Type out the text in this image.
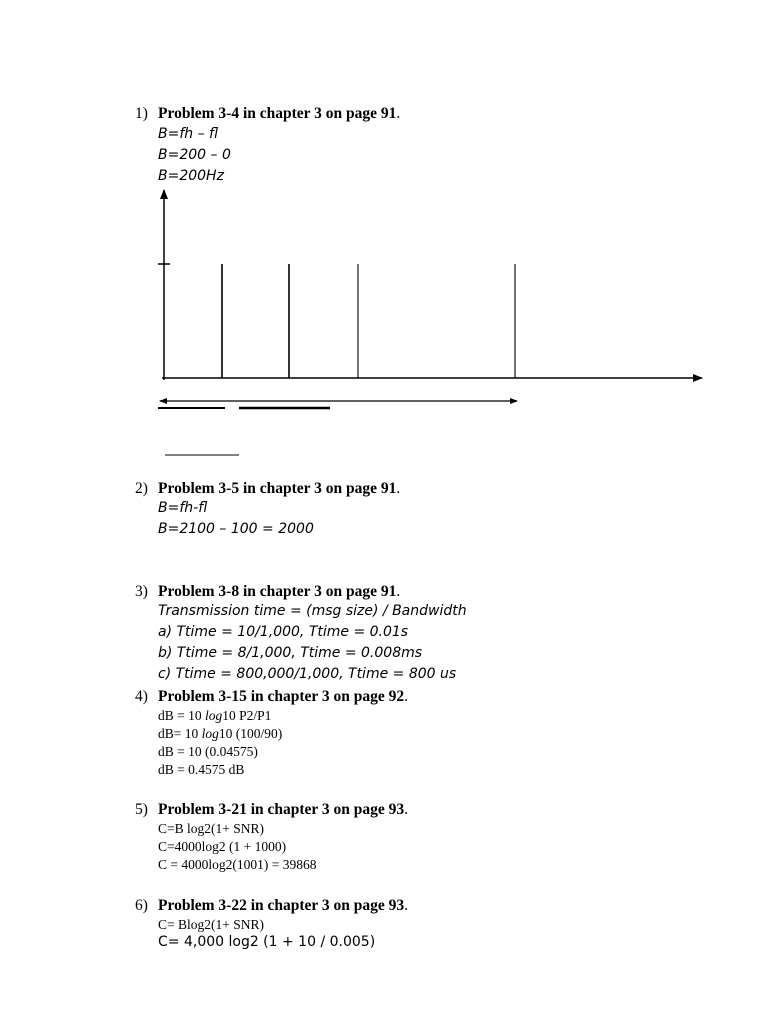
1) Problem 3-4 in chapter 3 on page 91.
B=fh – fl
B=200 – 0
B=200Hz
2) Problem 3-5 in chapter 3 on page 91.
B=fh-fl
B=2100 – 100 = 2000
3) Problem 3-8 in chapter 3 on page 91.
Transmission time = (msg size) / Bandwidth
a) Ttime = 10/1,000, Ttime = 0.01s
b) Ttime = 8/1,000, Ttime = 0.008ms
c) Ttime = 800,000/1,000, Ttime = 800 us
4) Problem 3-15 in chapter 3 on page 92.
dB = 10 log10 P2/P1
dB= 10 log10 (100/90)
dB = 10 (0.04575)
dB = 0.4575 dB
5) Problem 3-21 in chapter 3 on page 93.
C=B log2(1+ SNR)
C=4000log2 (1 + 1000)
C = 4000log2(1001) = 39868
6) Problem 3-22 in chapter 3 on page 93.
C= Blog2(1+ SNR)
C= 4,000 log2 (1 + 10 / 0.005)
